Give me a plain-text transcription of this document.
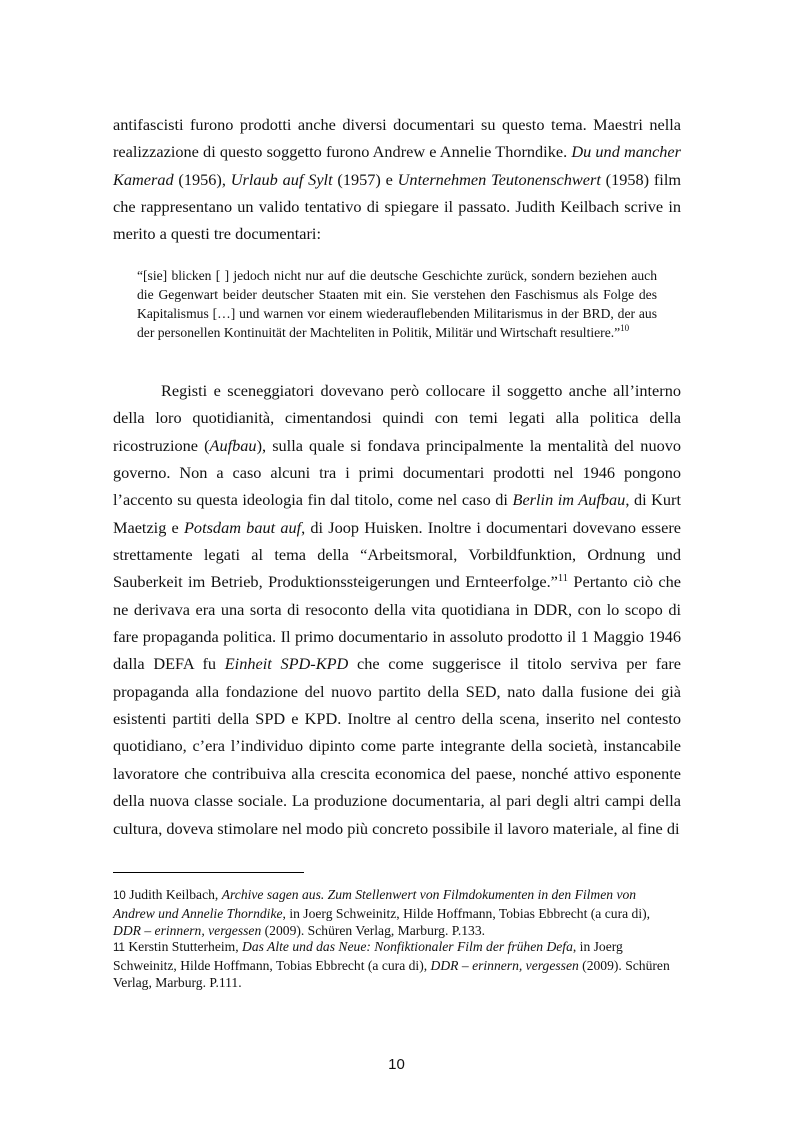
antifascisti furono prodotti anche diversi documentari su questo tema. Maestri nella realizzazione di questo soggetto furono Andrew e Annelie Thorndike. Du und mancher Kamerad (1956), Urlaub auf Sylt (1957) e Unternehmen Teutonenschwert (1958) film che rappresentano un valido tentativo di spiegare il passato. Judith Keilbach scrive in merito a questi tre documentari:

“[sie] blicken [ ] jedoch nicht nur auf die deutsche Geschichte zurück, sondern beziehen auch die Gegenwart beider deutscher Staaten mit ein. Sie verstehen den Faschismus als Folge des Kapitalismus […] und warnen vor einem wiederauflebenden Militarismus in der BRD, der aus der personellen Kontinuität der Machteliten in Politik, Militär und Wirtschaft resultiere.”$^{10}$

Registi e sceneggiatori dovevano però collocare il soggetto anche all’interno della loro quotidianità, cimentandosi quindi con temi legati alla politica della ricostruzione (Aufbau), sulla quale si fondava principalmente la mentalità del nuovo governo. Non a caso alcuni tra i primi documentari prodotti nel 1946 pongono l’accento su questa ideologia fin dal titolo, come nel caso di Berlin im Aufbau, di Kurt Maetzig e Potsdam baut auf, di Joop Huisken. Inoltre i documentari dovevano essere strettamente legati al tema della “Arbeitsmoral, Vorbildfunktion, Ordnung und Sauberkeit im Betrieb, Produktionssteigerungen und Ernteerfolge.”$^{11}$ Pertanto ciò che ne derivava era una sorta di resoconto della vita quotidiana in DDR, con lo scopo di fare propaganda politica. Il primo documentario in assoluto prodotto il 1 Maggio 1946 dalla DEFA fu Einheit SPD-KPD che come suggerisce il titolo serviva per fare propaganda alla fondazione del nuovo partito della SED, nato dalla fusione dei già esistenti partiti della SPD e KPD. Inoltre al centro della scena, inserito nel contesto quotidiano, c’era l’individuo dipinto come parte integrante della società, instancabile lavoratore che contribuiva alla crescita economica del paese, nonché attivo esponente della nuova classe sociale. La produzione documentaria, al pari degli altri campi della cultura, doveva stimolare nel modo più concreto possibile il lavoro materiale, al fine di

10 Judith Keilbach, Archive sagen aus. Zum Stellenwert von Filmdokumenten in den Filmen von Andrew und Annelie Thorndike, in Joerg Schweinitz, Hilde Hoffmann, Tobias Ebbrecht (a cura di), DDR – erinnern, vergessen (2009). Schüren Verlag, Marburg. P.133.

11 Kerstin Stutterheim, Das Alte und das Neue: Nonfiktionaler Film der frühen Defa, in Joerg Schweinitz, Hilde Hoffmann, Tobias Ebbrecht (a cura di), DDR – erinnern, vergessen (2009). Schüren Verlag, Marburg. P.111.

10
